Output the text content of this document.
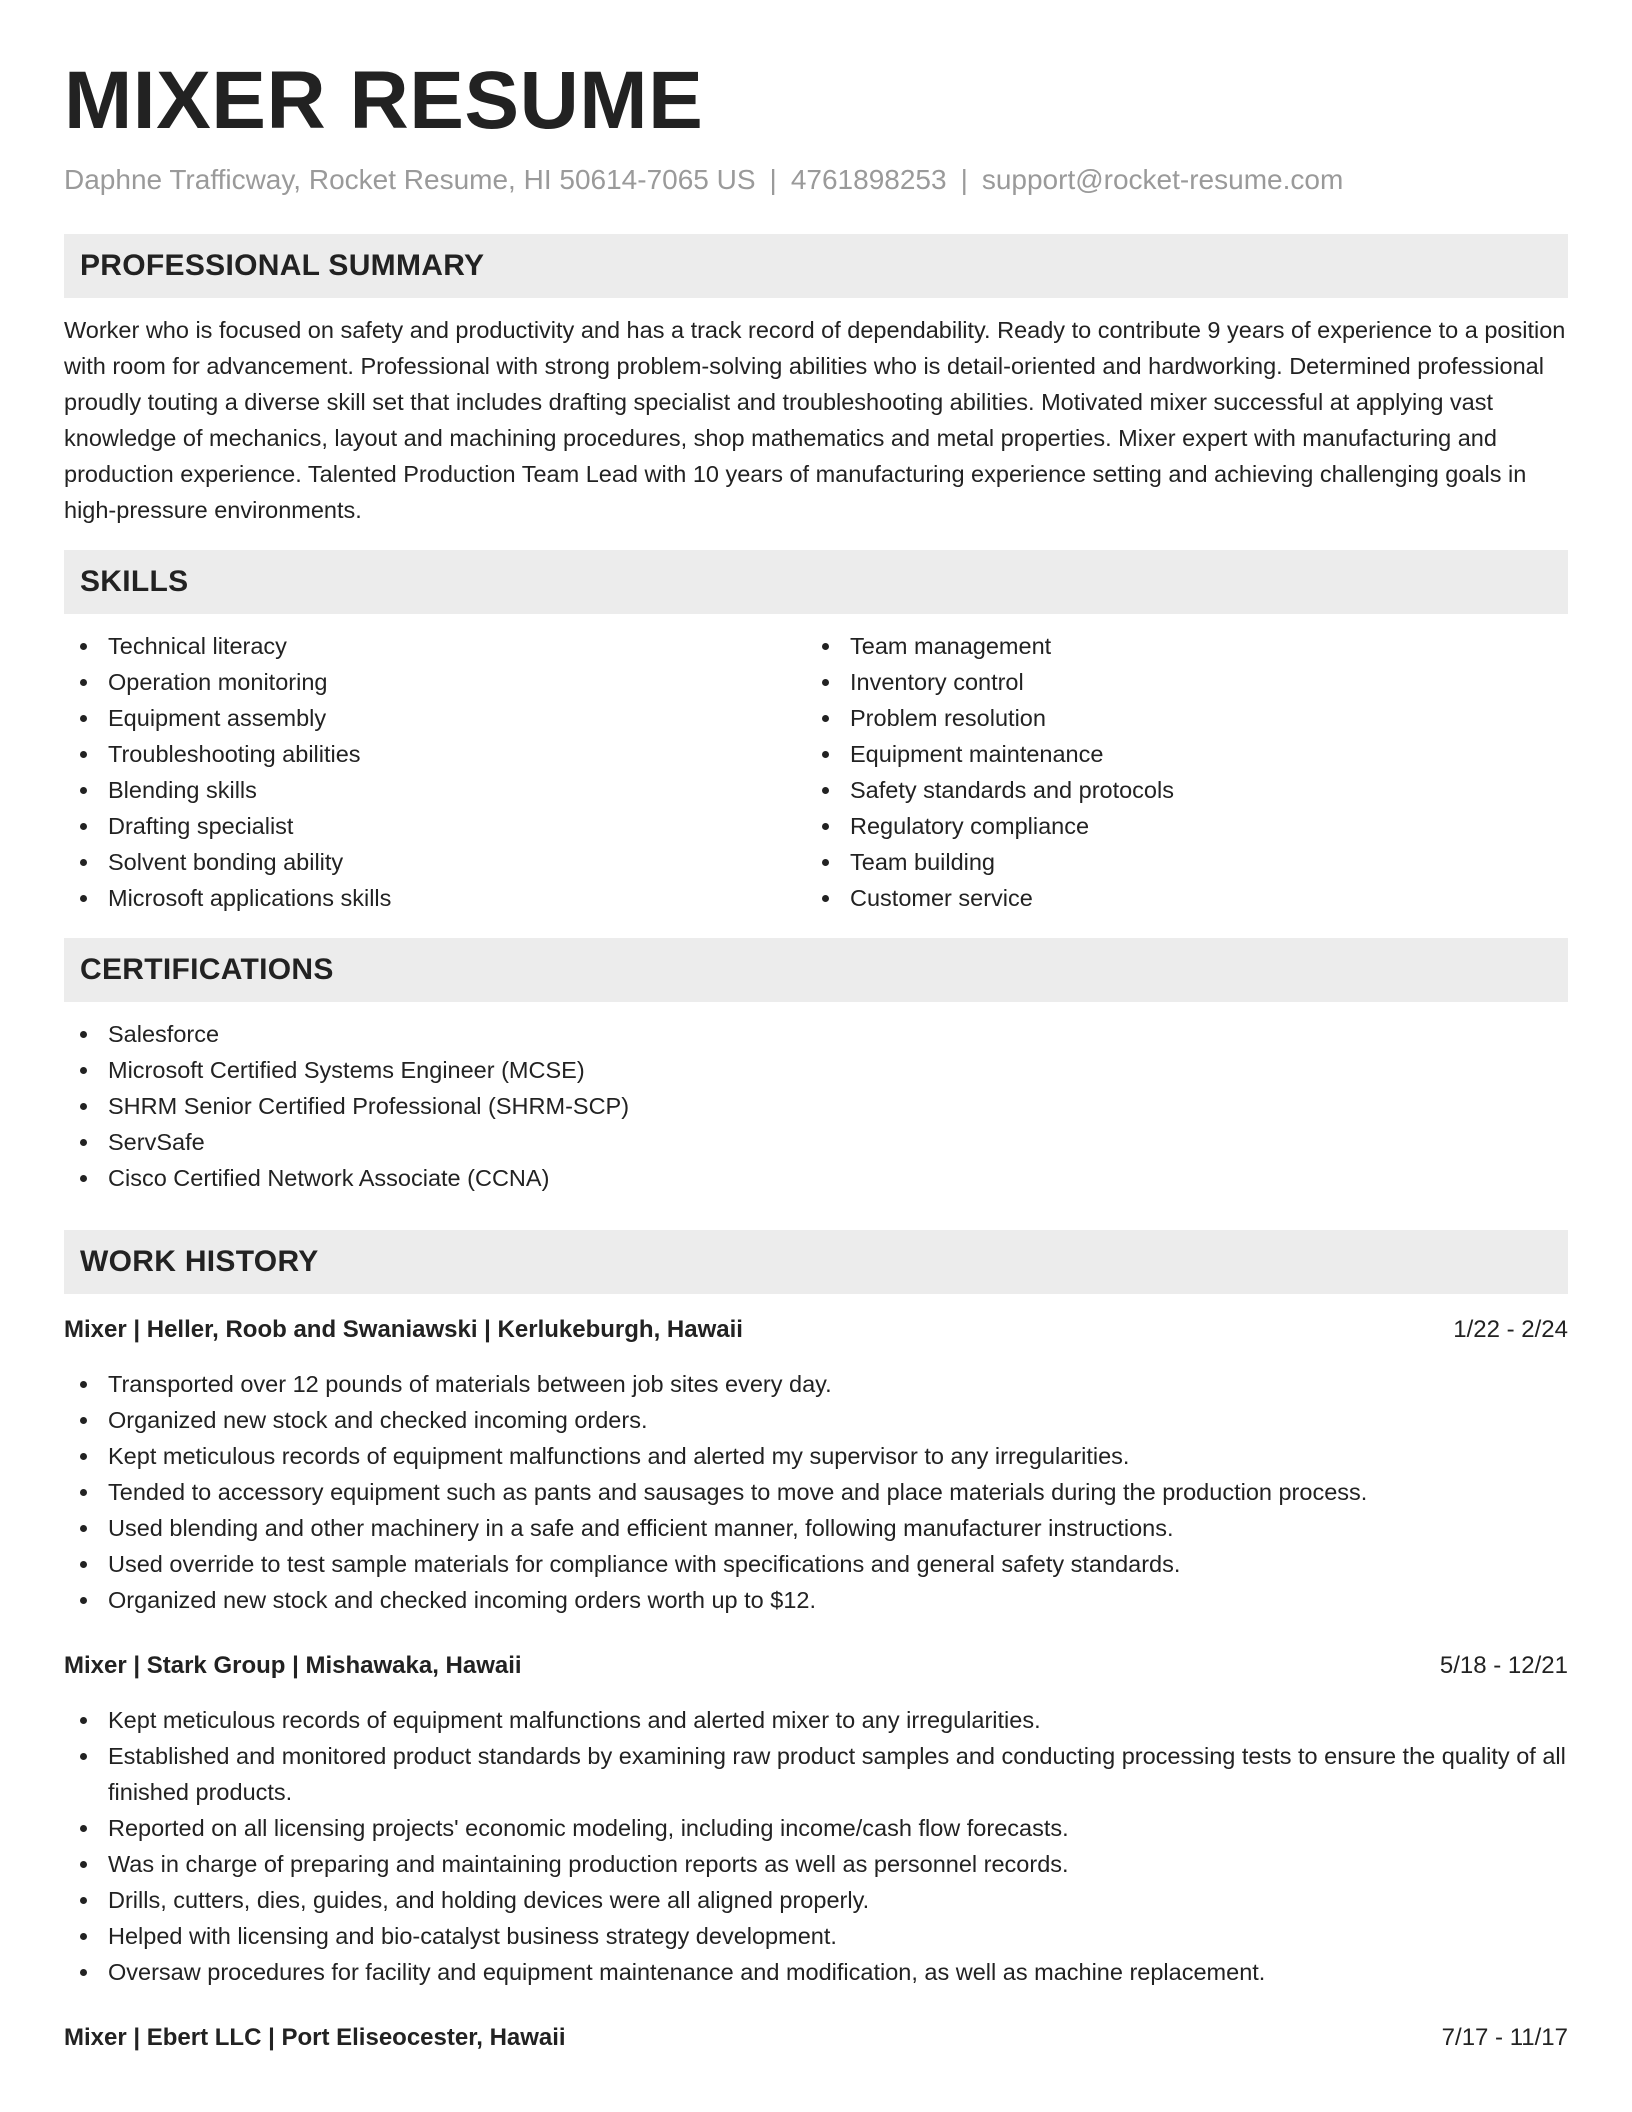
MIXER RESUME
Daphne Trafficway, Rocket Resume, HI 50614-7065 US | 4761898253 | support@rocket-resume.com
PROFESSIONAL SUMMARY

Worker who is focused on safety and productivity and has a track record of dependability. Ready to contribute 9 years of experience to a position with room for advancement. Professional with strong problem-solving abilities who is detail-oriented and hardworking. Determined professional proudly touting a diverse skill set that includes drafting specialist and troubleshooting abilities. Motivated mixer successful at applying vast knowledge of mechanics, layout and machining procedures, shop mathematics and metal properties. Mixer expert with manufacturing and production experience. Talented Production Team Lead with 10 years of manufacturing experience setting and achieving challenging goals in high-pressure environments.

SKILLS
Technical literacy
Operation monitoring
Equipment assembly
Troubleshooting abilities
Blending skills
Drafting specialist
Solvent bonding ability
Microsoft applications skills
Team management
Inventory control
Problem resolution
Equipment maintenance
Safety standards and protocols
Regulatory compliance
Team building
Customer service
CERTIFICATIONS
Salesforce
Microsoft Certified Systems Engineer (MCSE)
SHRM Senior Certified Professional (SHRM-SCP)
ServSafe
Cisco Certified Network Associate (CCNA)
WORK HISTORY
Mixer | Heller, Roob and Swaniawski | Kerlukeburgh, Hawaii	1/22 - 2/24
Transported over 12 pounds of materials between job sites every day.
Organized new stock and checked incoming orders.
Kept meticulous records of equipment malfunctions and alerted my supervisor to any irregularities.
Tended to accessory equipment such as pants and sausages to move and place materials during the production process.
Used blending and other machinery in a safe and efficient manner, following manufacturer instructions.
Used override to test sample materials for compliance with specifications and general safety standards.
Organized new stock and checked incoming orders worth up to $12.
Mixer | Stark Group | Mishawaka, Hawaii	5/18 - 12/21
Kept meticulous records of equipment malfunctions and alerted mixer to any irregularities.
Established and monitored product standards by examining raw product samples and conducting processing tests to ensure the quality of all finished products.
Reported on all licensing projects' economic modeling, including income/cash flow forecasts.
Was in charge of preparing and maintaining production reports as well as personnel records.
Drills, cutters, dies, guides, and holding devices were all aligned properly.
Helped with licensing and bio-catalyst business strategy development.
Oversaw procedures for facility and equipment maintenance and modification, as well as machine replacement.
Mixer | Ebert LLC | Port Eliseocester, Hawaii	7/17 - 11/17
